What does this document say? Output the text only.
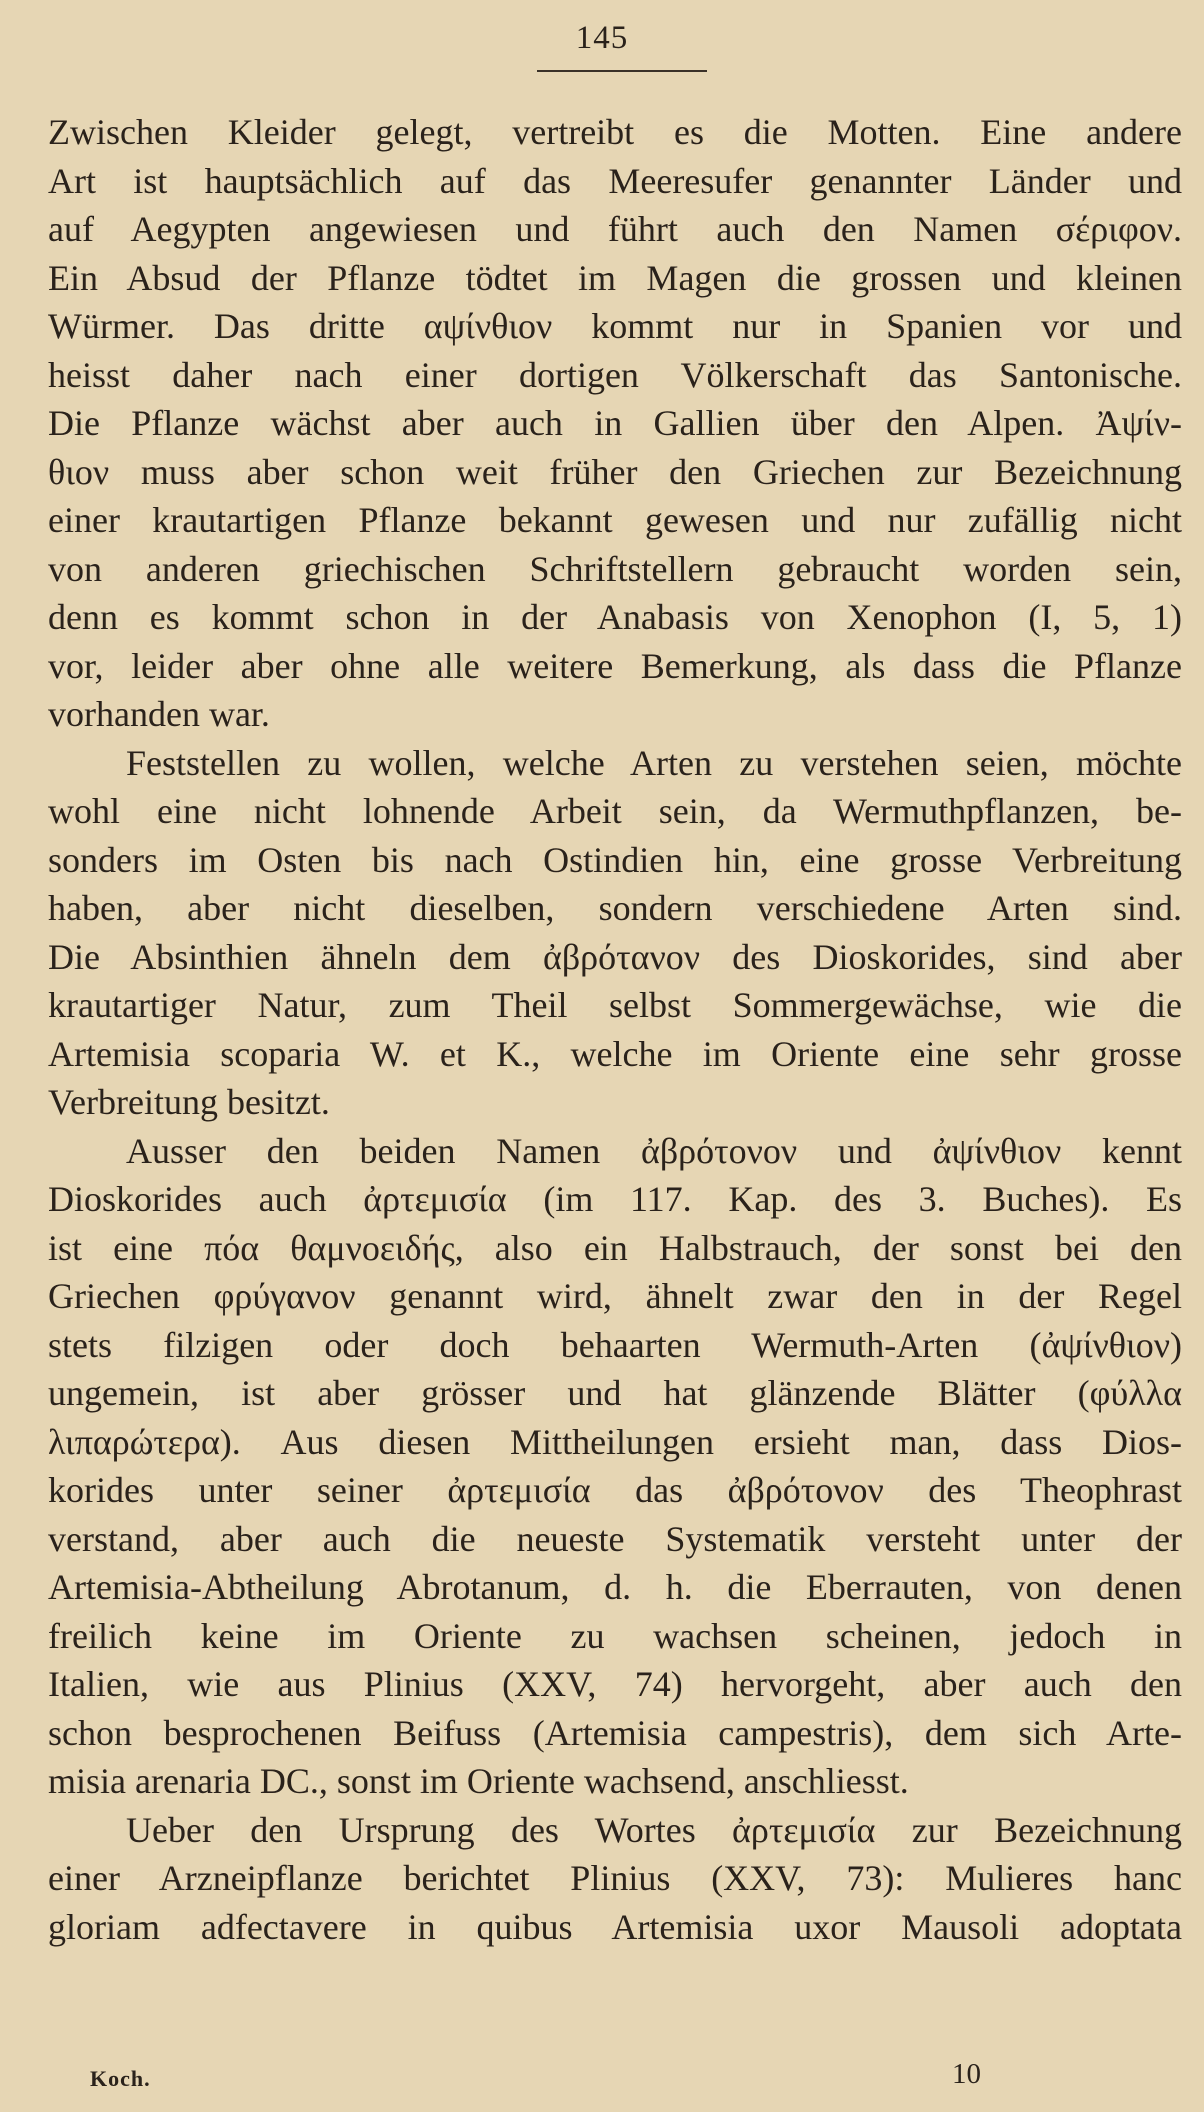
145
Zwischen Kleider gelegt, vertreibt es die Motten. Eine andere
Art ist hauptsächlich auf das Meeresufer genannter Länder und
auf Aegypten angewiesen und führt auch den Namen σέριφον.
Ein Absud der Pflanze tödtet im Magen die grossen und kleinen
Würmer. Das dritte αψίνθιον kommt nur in Spanien vor und
heisst daher nach einer dortigen Völkerschaft das Santonische.
Die Pflanze wächst aber auch in Gallien über den Alpen. Ἀψίν-
θιον muss aber schon weit früher den Griechen zur Bezeichnung
einer krautartigen Pflanze bekannt gewesen und nur zufällig nicht
von anderen griechischen Schriftstellern gebraucht worden sein,
denn es kommt schon in der Anabasis von Xenophon (I, 5, 1)
vor, leider aber ohne alle weitere Bemerkung, als dass die Pflanze
vorhanden war.
Feststellen zu wollen, welche Arten zu verstehen seien, möchte
wohl eine nicht lohnende Arbeit sein, da Wermuthpflanzen, be-
sonders im Osten bis nach Ostindien hin, eine grosse Verbreitung
haben, aber nicht dieselben, sondern verschiedene Arten sind.
Die Absinthien ähneln dem ἀβρότανον des Dioskorides, sind aber
krautartiger Natur, zum Theil selbst Sommergewächse, wie die
Artemisia scoparia W. et K., welche im Oriente eine sehr grosse
Verbreitung besitzt.
Ausser den beiden Namen ἀβρότονον und ἀψίνθιον kennt
Dioskorides auch ἀρτεμισία (im 117. Kap. des 3. Buches). Es
ist eine πόα θαμνοειδής, also ein Halbstrauch, der sonst bei den
Griechen φρύγανον genannt wird, ähnelt zwar den in der Regel
stets filzigen oder doch behaarten Wermuth-Arten (ἀψίνθιον)
ungemein, ist aber grösser und hat glänzende Blätter (φύλλα
λιπαρώτερα). Aus diesen Mittheilungen ersieht man, dass Dios-
korides unter seiner ἀρτεμισία das ἀβρότονον des Theophrast
verstand, aber auch die neueste Systematik versteht unter der
Artemisia-Abtheilung Abrotanum, d. h. die Eberrauten, von denen
freilich keine im Oriente zu wachsen scheinen, jedoch in
Italien, wie aus Plinius (XXV, 74) hervorgeht, aber auch den
schon besprochenen Beifuss (Artemisia campestris), dem sich Arte-
misia arenaria DC., sonst im Oriente wachsend, anschliesst.
Ueber den Ursprung des Wortes ἀρτεμισία zur Bezeichnung
einer Arzneipflanze berichtet Plinius (XXV, 73): Mulieres hanc
gloriam adfectavere in quibus Artemisia uxor Mausoli adoptata
Koch.	10
